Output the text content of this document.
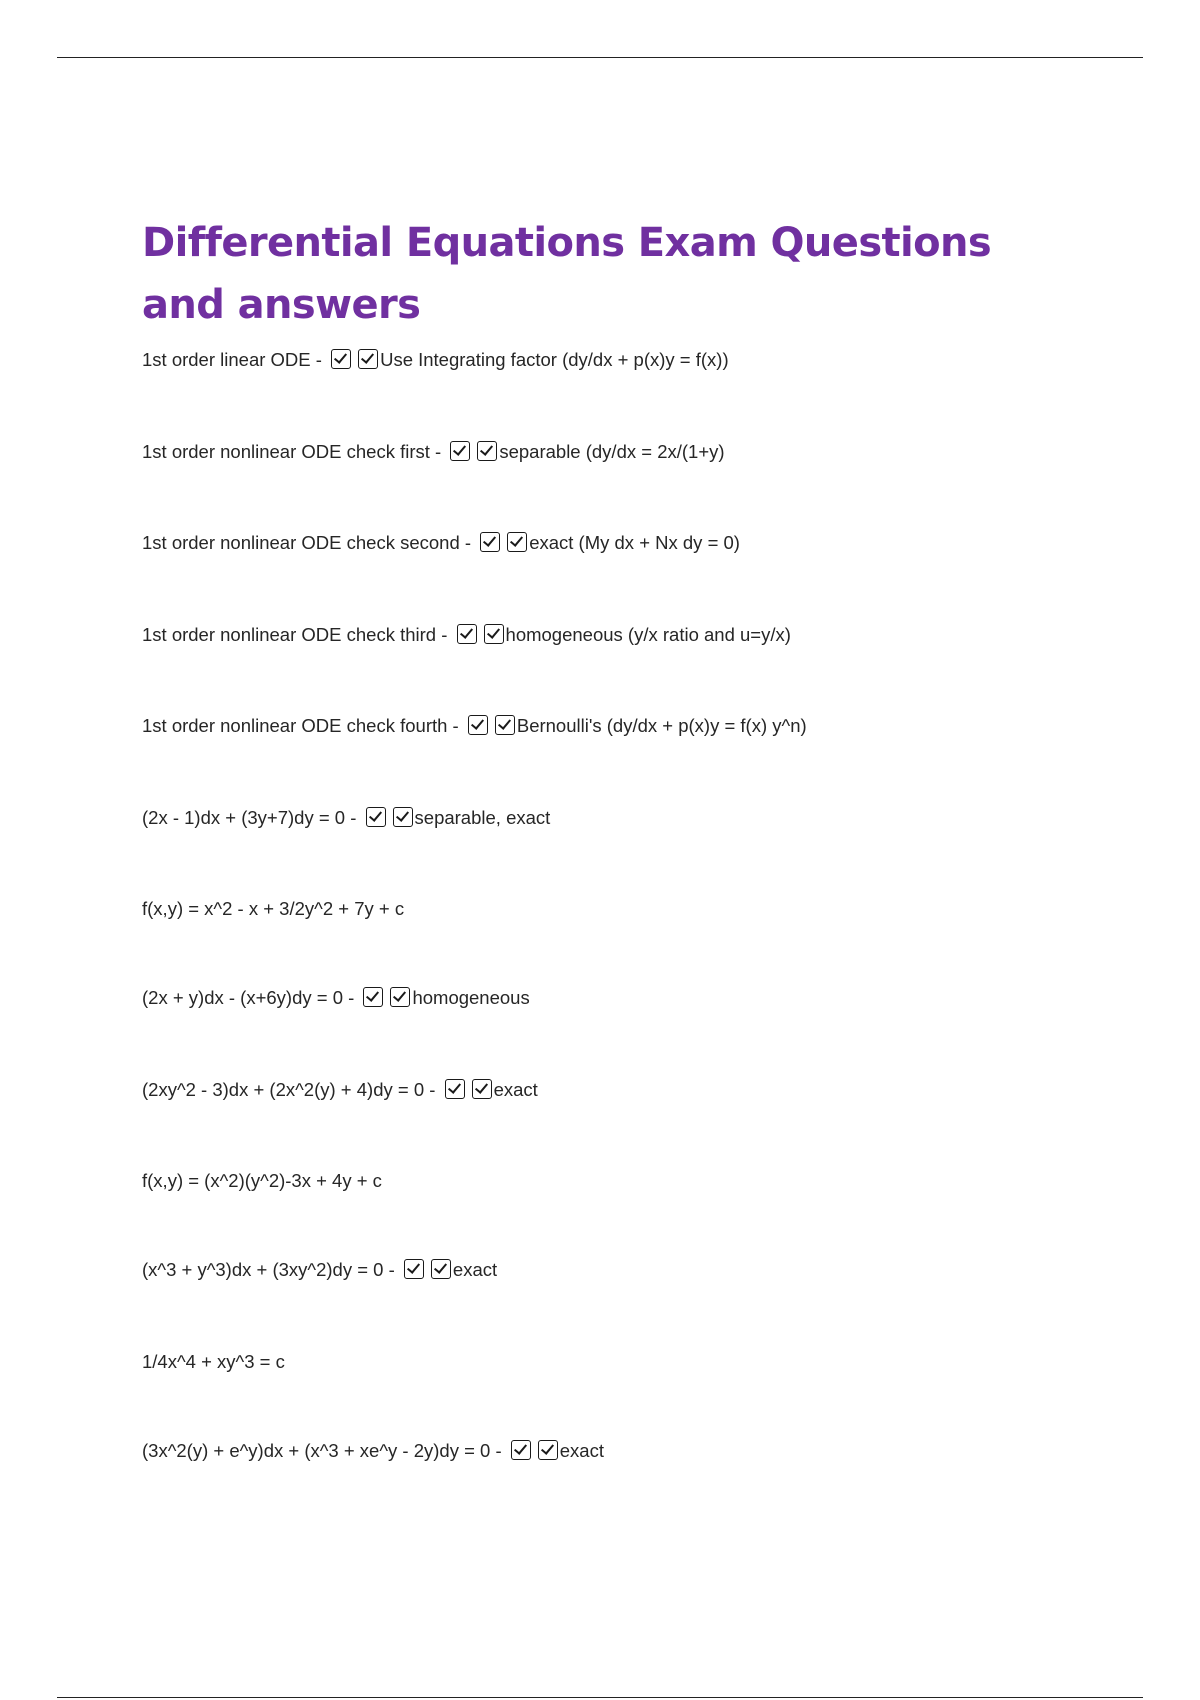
Differential Equations Exam Questions and answers
1st order linear ODE -	Use Integrating factor (dy/dx + p(x)y = f(x))
1st order nonlinear ODE check first -	separable (dy/dx = 2x/(1+y)
1st order nonlinear ODE check second -	exact (My dx + Nx dy = 0)
1st order nonlinear ODE check third -	homogeneous (y/x ratio and u=y/x)
1st order nonlinear ODE check fourth -	Bernoulli's (dy/dx + p(x)y = f(x) y^n)
(2x - 1)dx + (3y+7)dy = 0 -	separable, exact
f(x,y) = x^2 - x + 3/2y^2 + 7y + c
(2x + y)dx - (x+6y)dy = 0 -	homogeneous
(2xy^2 - 3)dx + (2x^2(y) + 4)dy = 0 -	exact
f(x,y) = (x^2)(y^2)-3x + 4y + c
(x^3 + y^3)dx + (3xy^2)dy = 0 -	exact
1/4x^4 + xy^3 = c
(3x^2(y) + e^y)dx + (x^3 + xe^y - 2y)dy = 0 -	exact
